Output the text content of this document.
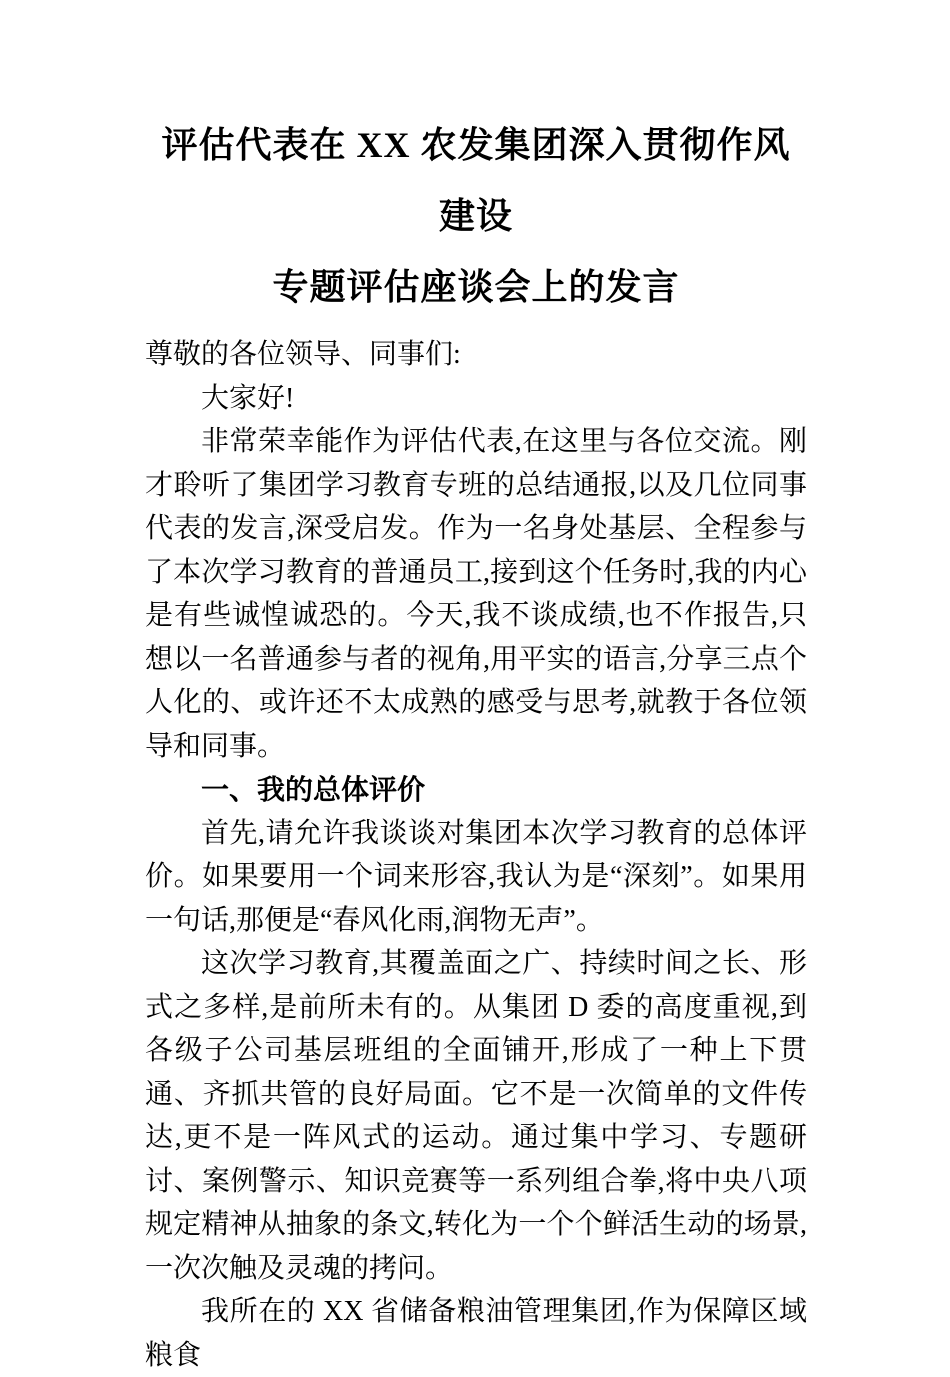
评估代表在 XX 农发集团深入贯彻作风建设
专题评估座谈会上的发言

尊敬的各位领导、同事们:

大家好!

非常荣幸能作为评估代表,在这里与各位交流。刚才聆听了集团学习教育专班的总结通报,以及几位同事代表的发言,深受启发。作为一名身处基层、全程参与了本次学习教育的普通员工,接到这个任务时,我的内心是有些诚惶诚恐的。今天,我不谈成绩,也不作报告,只想以一名普通参与者的视角,用平实的语言,分享三点个人化的、或许还不太成熟的感受与思考,就教于各位领导和同事。

一、我的总体评价

首先,请允许我谈谈对集团本次学习教育的总体评价。如果要用一个词来形容,我认为是“深刻”。如果用一句话,那便是“春风化雨,润物无声”。

这次学习教育,其覆盖面之广、持续时间之长、形式之多样,是前所未有的。从集团 D 委的高度重视,到各级子公司基层班组的全面铺开,形成了一种上下贯通、齐抓共管的良好局面。它不是一次简单的文件传达,更不是一阵风式的运动。通过集中学习、专题研讨、案例警示、知识竞赛等一系列组合拳,将中央八项规定精神从抽象的条文,转化为一个个鲜活生动的场景,一次次触及灵魂的拷问。

我所在的 XX 省储备粮油管理集团,作为保障区域粮食
